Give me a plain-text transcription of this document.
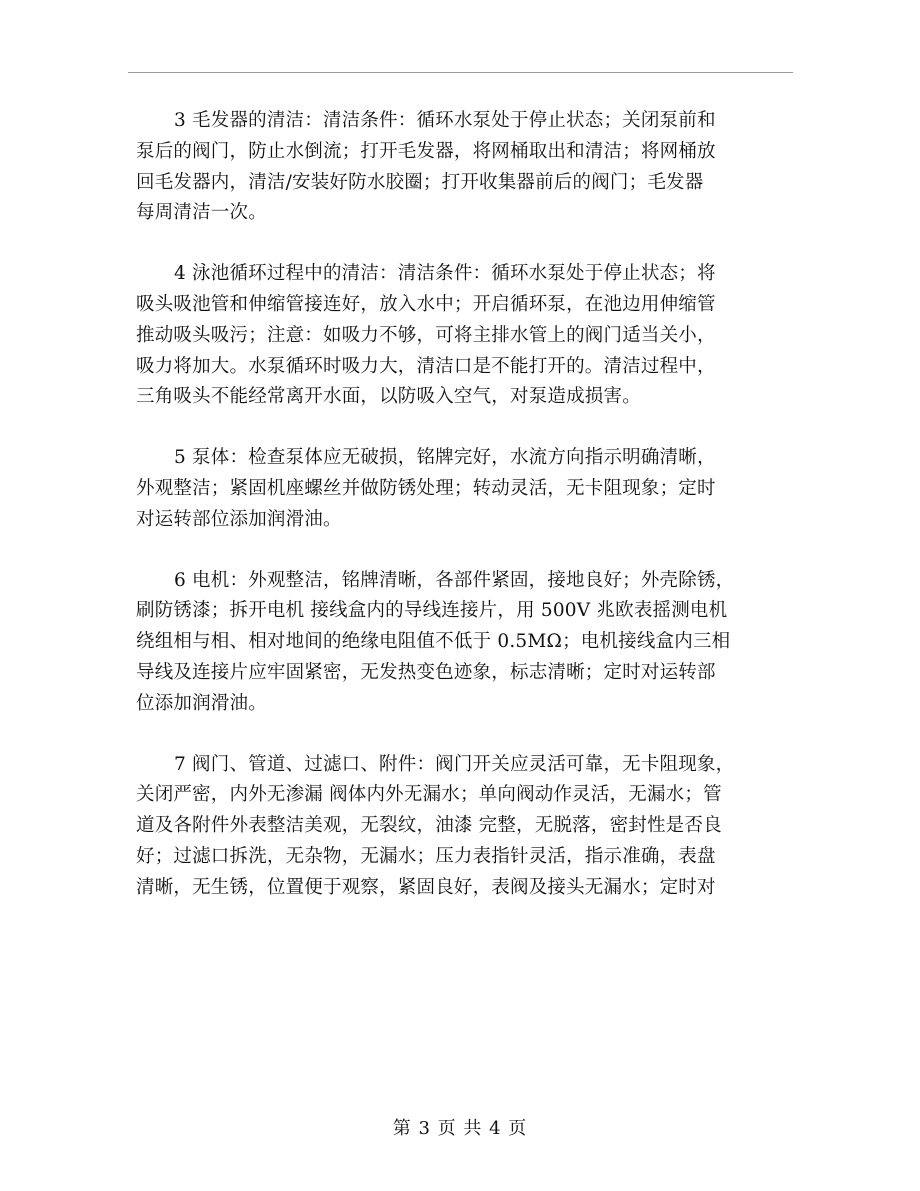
3 毛发器的清洁：清洁条件：循环水泵处于停止状态；关闭泵前和
泵后的阀门，防止水倒流；打开毛发器，将网桶取出和清洁；将网桶放
回毛发器内，清洁/安装好防水胶圈；打开收集器前后的阀门；毛发器
每周清洁一次。

4 泳池循环过程中的清洁：清洁条件：循环水泵处于停止状态；将
吸头吸池管和伸缩管接连好，放入水中；开启循环泵，在池边用伸缩管
推动吸头吸污；注意：如吸力不够，可将主排水管上的阀门适当关小，
吸力将加大。水泵循环时吸力大，清洁口是不能打开的。清洁过程中，
三角吸头不能经常离开水面，以防吸入空气，对泵造成损害。

5 泵体：检查泵体应无破损，铭牌完好，水流方向指示明确清晰，
外观整洁；紧固机座螺丝并做防锈处理；转动灵活，无卡阻现象；定时
对运转部位添加润滑油。

6 电机：外观整洁，铭牌清晰，各部件紧固，接地良好；外壳除锈，
刷防锈漆；拆开电机 接线盒内的导线连接片，用 500V 兆欧表摇测电机
绕组相与相、相对地间的绝缘电阻值不低于 0.5MΩ；电机接线盒内三相
导线及连接片应牢固紧密，无发热变色迹象，标志清晰；定时对运转部
位添加润滑油。

7 阀门、管道、过滤口、附件：阀门开关应灵活可靠，无卡阻现象，
关闭严密，内外无渗漏 阀体内外无漏水；单向阀动作灵活，无漏水；管
道及各附件外表整洁美观，无裂纹，油漆 完整，无脱落，密封性是否良
好；过滤口拆洗，无杂物，无漏水；压力表指针灵活，指示准确，表盘
清晰，无生锈，位置便于观察，紧固良好，表阀及接头无漏水；定时对

第 3 页 共 4 页
